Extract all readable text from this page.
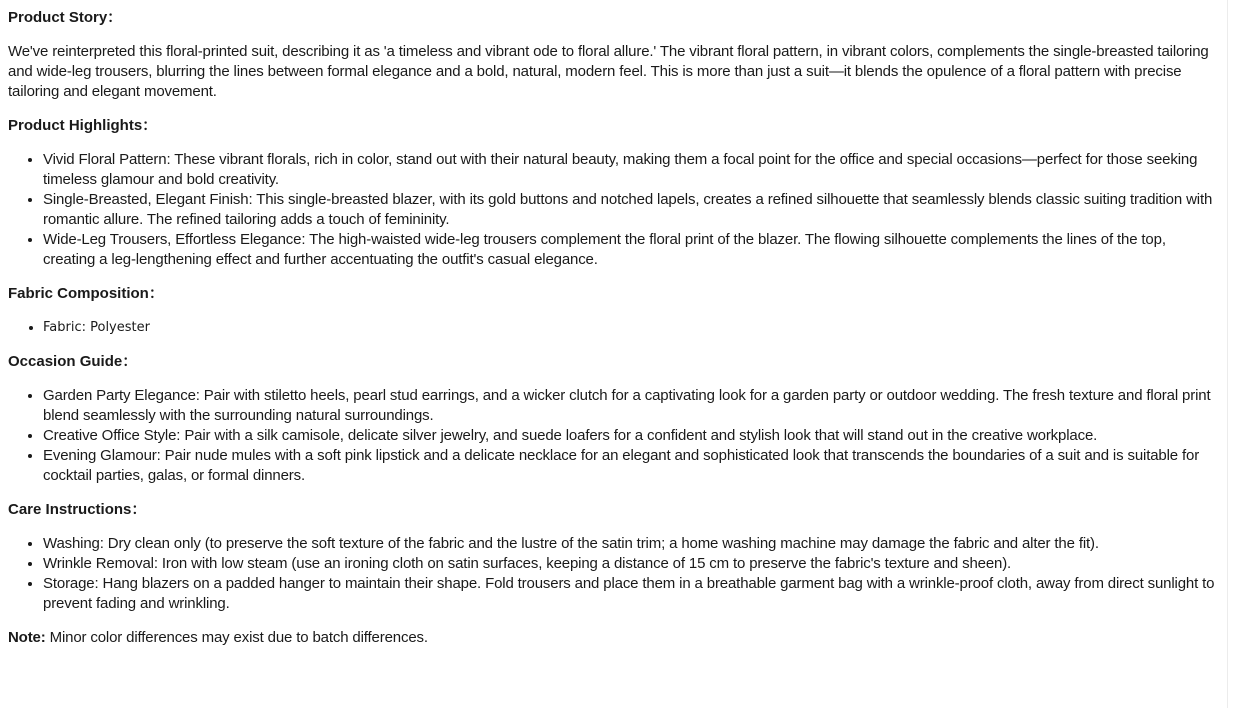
Product Story：

We've reinterpreted this floral-printed suit, describing it as 'a timeless and vibrant ode to floral allure.' The vibrant floral pattern, in vibrant colors, complements the single-breasted tailoring and wide-leg trousers, blurring the lines between formal elegance and a bold, natural, modern feel. This is more than just a suit—it blends the opulence of a floral pattern with precise tailoring and elegant movement.

Product Highlights：
• Vivid Floral Pattern: These vibrant florals, rich in color, stand out with their natural beauty, making them a focal point for the office and special occasions—perfect for those seeking timeless glamour and bold creativity.
• Single-Breasted, Elegant Finish: This single-breasted blazer, with its gold buttons and notched lapels, creates a refined silhouette that seamlessly blends classic suiting tradition with romantic allure. The refined tailoring adds a touch of femininity.
• Wide-Leg Trousers, Effortless Elegance: The high-waisted wide-leg trousers complement the floral print of the blazer. The flowing silhouette complements the lines of the top, creating a leg-lengthening effect and further accentuating the outfit's casual elegance.
Fabric Composition：
• Fabric: Polyester
Occasion Guide：
• Garden Party Elegance: Pair with stiletto heels, pearl stud earrings, and a wicker clutch for a captivating look for a garden party or outdoor wedding. The fresh texture and floral print blend seamlessly with the surrounding natural surroundings.
• Creative Office Style: Pair with a silk camisole, delicate silver jewelry, and suede loafers for a confident and stylish look that will stand out in the creative workplace.
• Evening Glamour: Pair nude mules with a soft pink lipstick and a delicate necklace for an elegant and sophisticated look that transcends the boundaries of a suit and is suitable for cocktail parties, galas, or formal dinners.
Care Instructions：
• Washing: Dry clean only (to preserve the soft texture of the fabric and the lustre of the satin trim; a home washing machine may damage the fabric and alter the fit).
• Wrinkle Removal: Iron with low steam (use an ironing cloth on satin surfaces, keeping a distance of 15 cm to preserve the fabric's texture and sheen).
• Storage: Hang blazers on a padded hanger to maintain their shape. Fold trousers and place them in a breathable garment bag with a wrinkle-proof cloth, away from direct sunlight to prevent fading and wrinkling.

Note: Minor color differences may exist due to batch differences.
